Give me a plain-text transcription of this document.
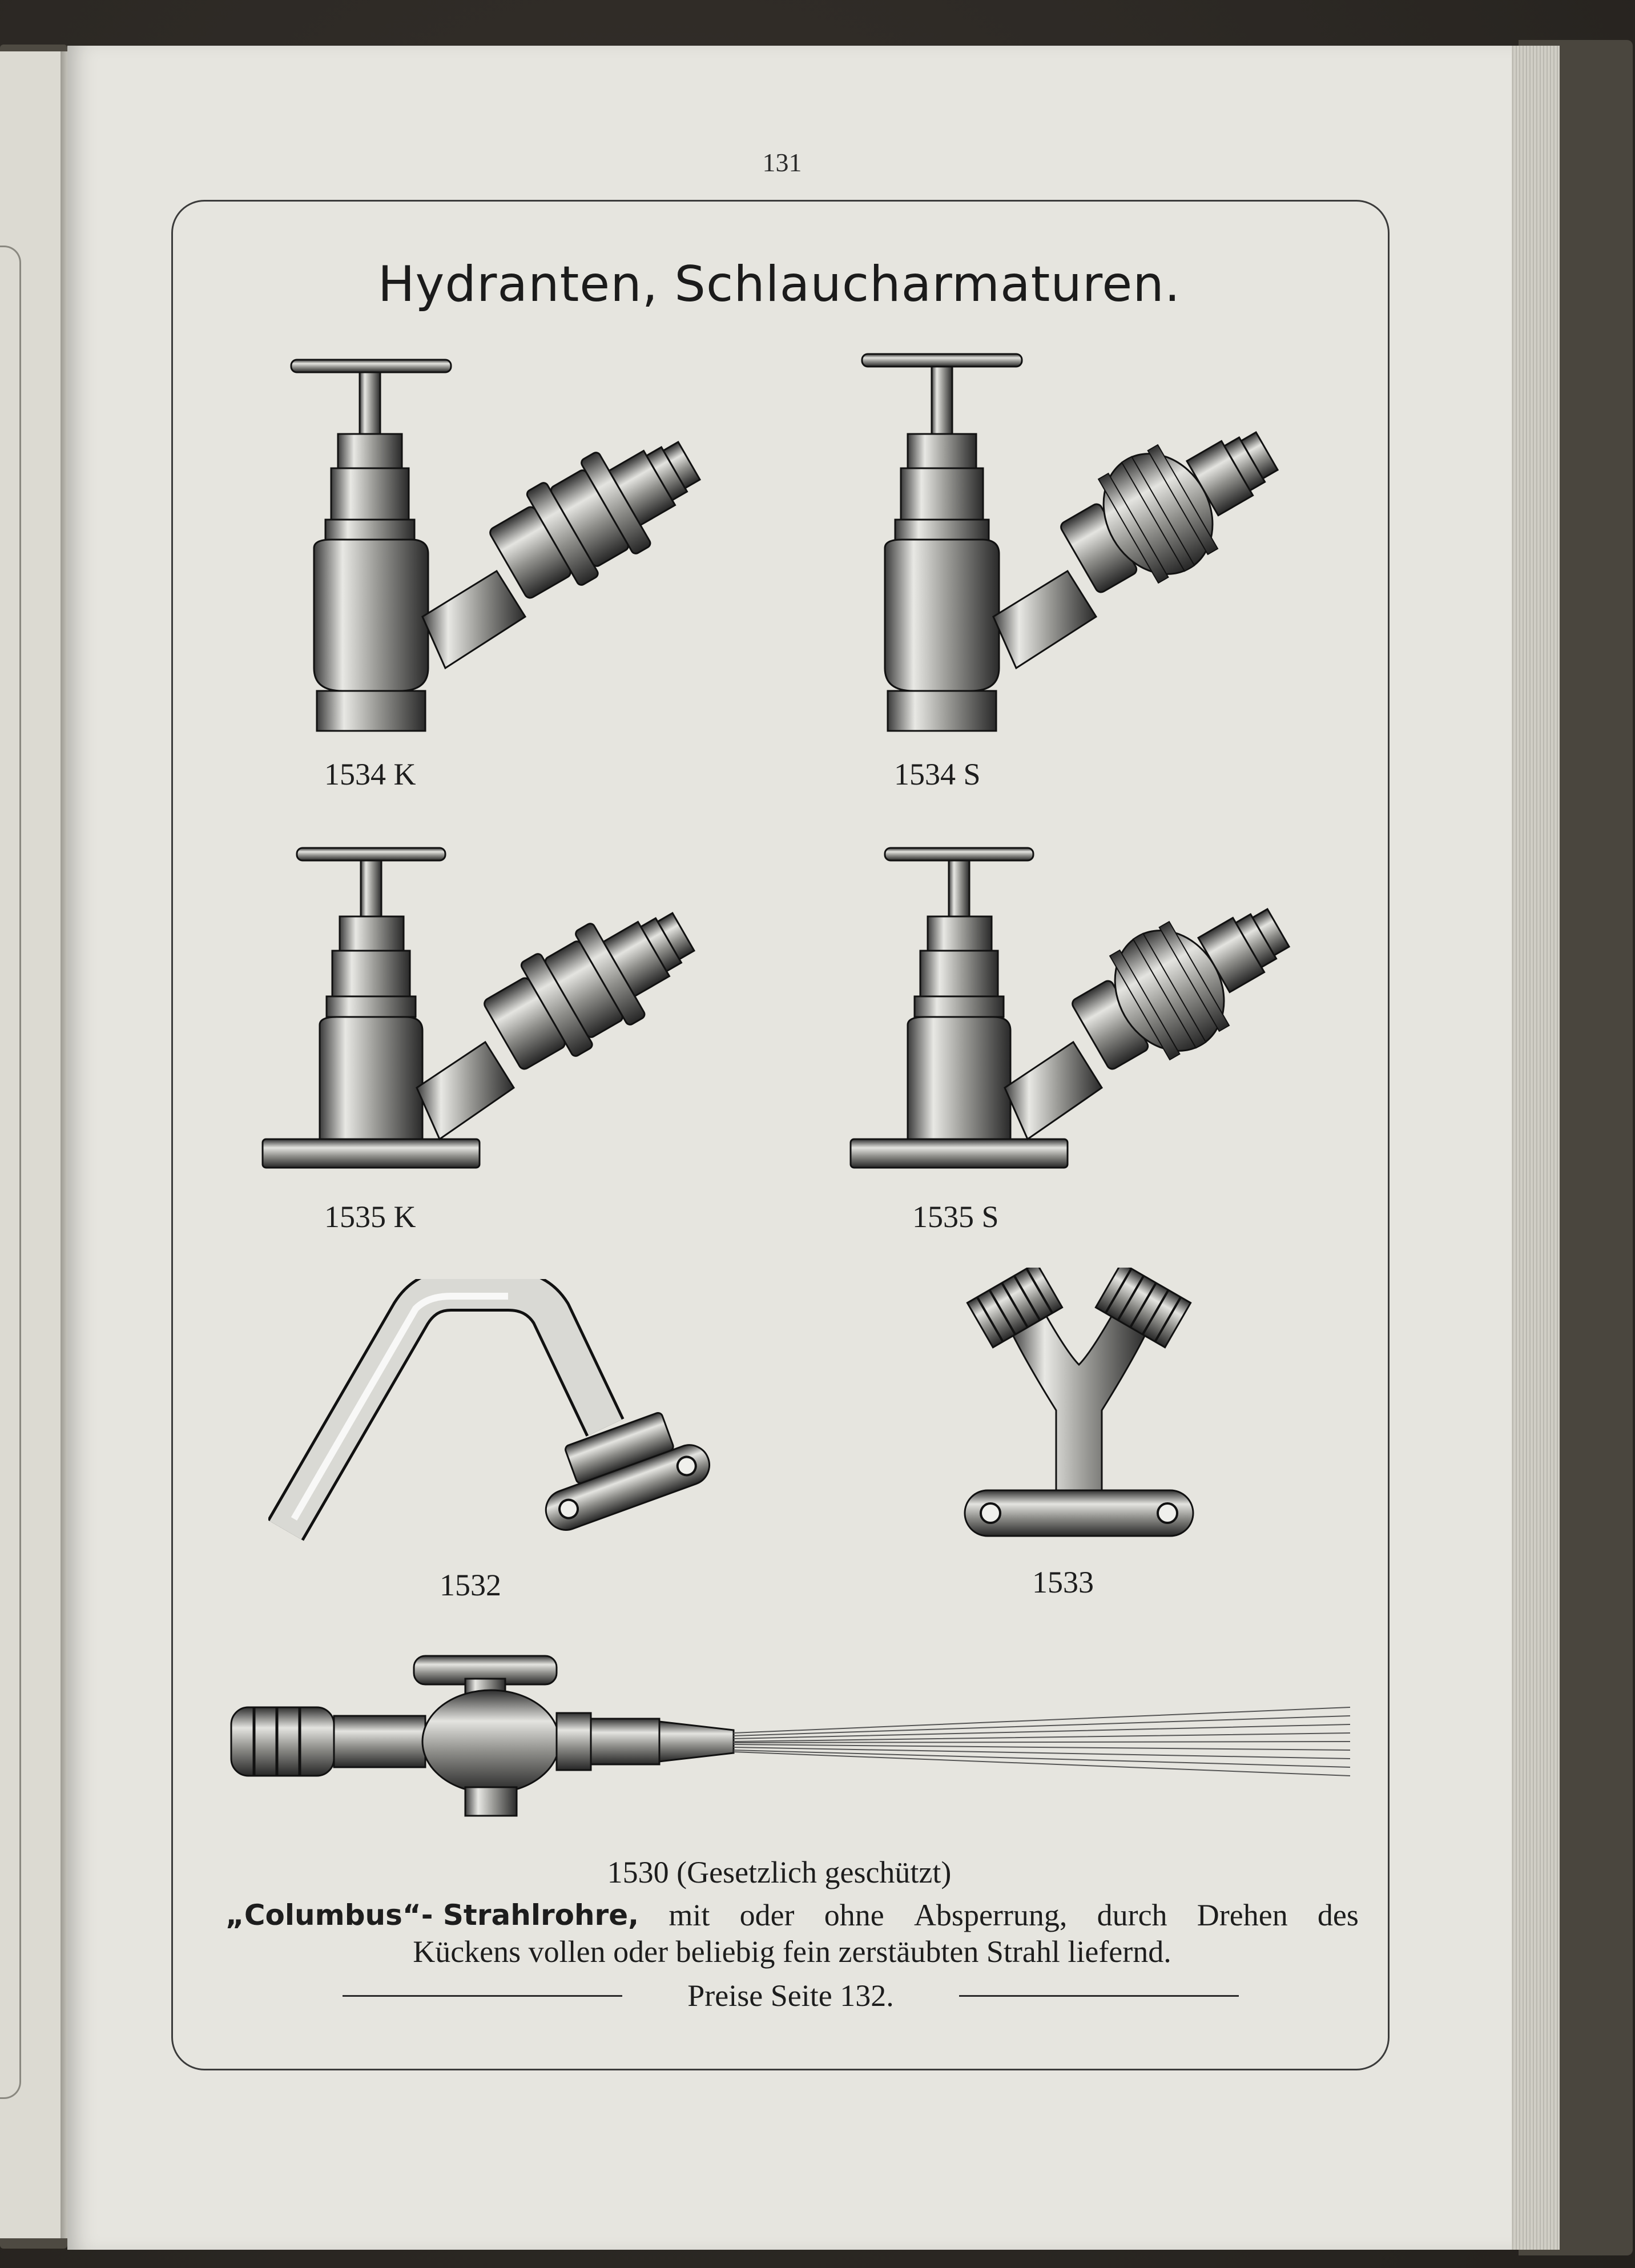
131
Hydranten, Schlaucharmaturen.
1534 K	1534 S
1535 K	1535 S
1532	1533
1530 (Gesetzlich geschützt)
„Columbus“- Strahlrohre, mit oder ohne Absperrung, durch Drehen des
Kückens vollen oder beliebig fein zerstäubten Strahl liefernd.
Preise Seite 132.
